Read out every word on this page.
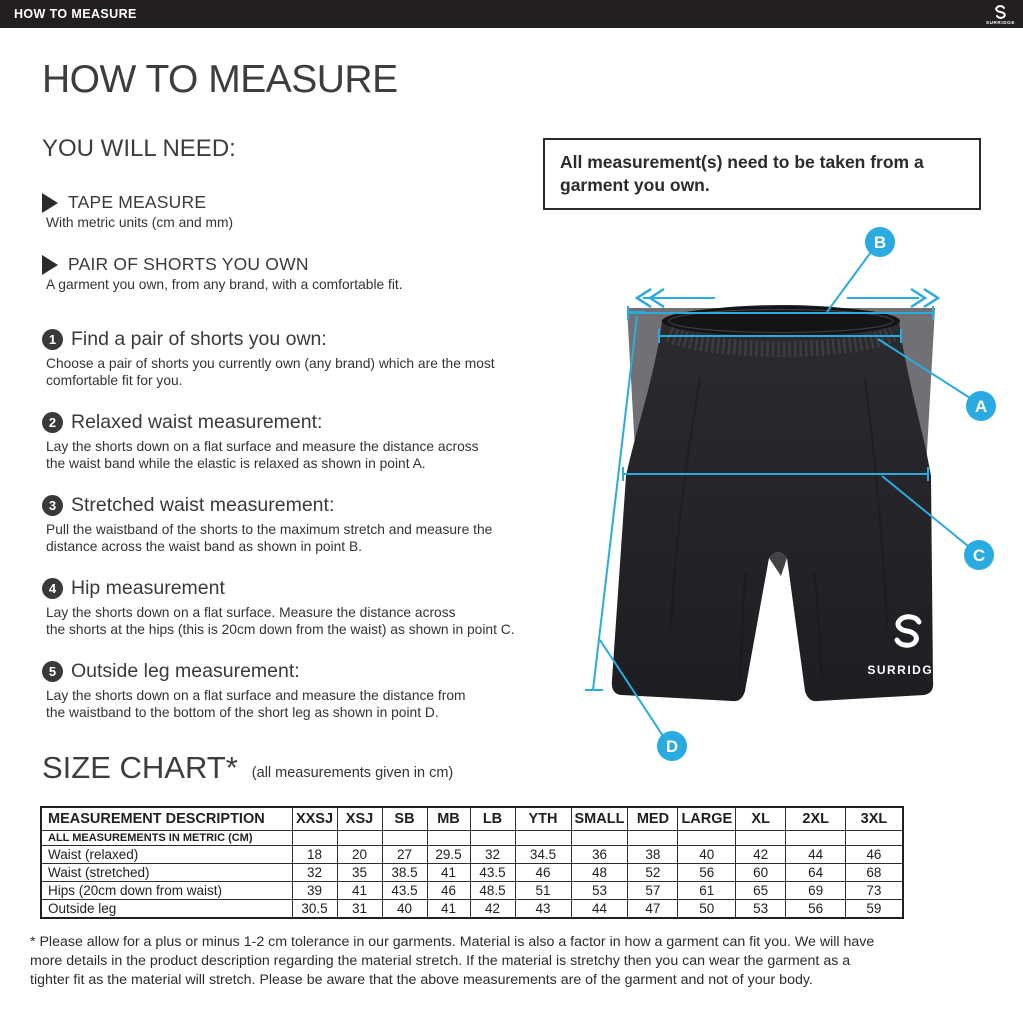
HOW TO MEASURE
SURRIDGE
HOW TO MEASURE
YOU WILL NEED:
TAPE MEASURE
With metric units (cm and mm)
PAIR OF SHORTS YOU OWN
A garment you own, from any brand, with a comfortable fit.
1 Find a pair of shorts you own:
Choose a pair of shorts you currently own (any brand) which are the most
comfortable fit for you.
2 Relaxed waist measurement:
Lay the shorts down on a flat surface and measure the distance across
the waist band while the elastic is relaxed as shown in point A.
3 Stretched waist measurement:
Pull the waistband of the shorts to the maximum stretch and measure the
distance across the waist band as shown in point B.
4 Hip measurement
Lay the shorts down on a flat surface. Measure the distance across
the shorts at the hips (this is 20cm down from the waist) as shown in point C.
5 Outside leg measurement:
Lay the shorts down on a flat surface and measure the distance from
the waistband to the bottom of the short leg as shown in point D.
All measurement(s) need to be taken from a garment you own.
SURRIDGE
B
A
C
D
SIZE CHART* (all measurements given in cm)
MEASUREMENT DESCRIPTION	XXSJ	XSJ	SB	MB	LB	YTH	SMALL	MED	LARGE	XL	2XL	3XL
ALL MEASUREMENTS IN METRIC (CM)												
Waist (relaxed)	18	20	27	29.5	32	34.5	36	38	40	42	44	46
Waist (stretched)	32	35	38.5	41	43.5	46	48	52	56	60	64	68
Hips (20cm down from waist)	39	41	43.5	46	48.5	51	53	57	61	65	69	73
Outside leg	30.5	31	40	41	42	43	44	47	50	53	56	59
* Please allow for a plus or minus 1-2 cm tolerance in our garments. Material is also a factor in how a garment can fit you. We will have
more details in the product description regarding the material stretch. If the material is stretchy then you can wear the garment as a
tighter fit as the material will stretch. Please be aware that the above measurements are of the garment and not of your body.
